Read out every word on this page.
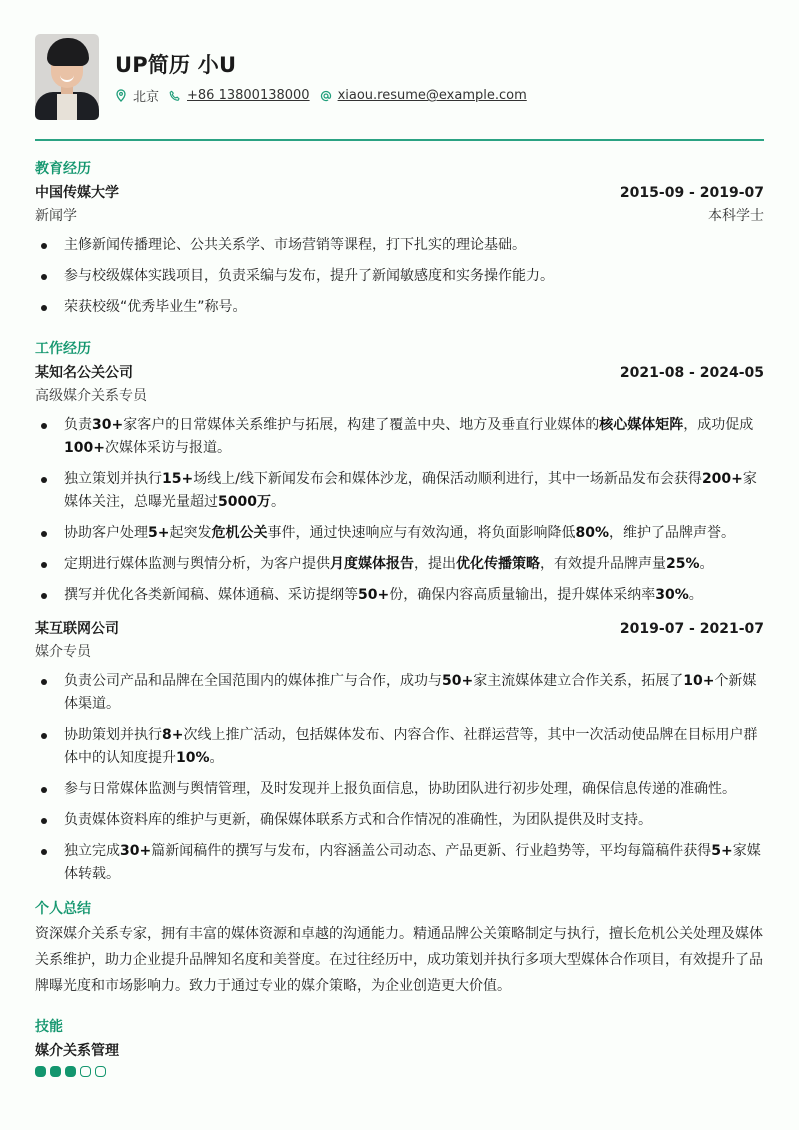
UP简历 小U
北京 +86 13800138000 xiaou.resume@example.com
教育经历
中国传媒大学	2015-09 - 2019-07
新闻学	本科学士
主修新闻传播理论、公共关系学、市场营销等课程，打下扎实的理论基础。
参与校级媒体实践项目，负责采编与发布，提升了新闻敏感度和实务操作能力。
荣获校级“优秀毕业生”称号。
工作经历
某知名公关公司	2021-08 - 2024-05
高级媒介关系专员
负责30+家客户的日常媒体关系维护与拓展，构建了覆盖中央、地方及垂直行业媒体的核心媒体矩阵，成功促成100+次媒体采访与报道。
独立策划并执行15+场线上/线下新闻发布会和媒体沙龙，确保活动顺利进行，其中一场新品发布会获得200+家媒体关注，总曝光量超过5000万。
协助客户处理5+起突发危机公关事件，通过快速响应与有效沟通，将负面影响降低80%，维护了品牌声誉。
定期进行媒体监测与舆情分析，为客户提供月度媒体报告，提出优化传播策略，有效提升品牌声量25%。
撰写并优化各类新闻稿、媒体通稿、采访提纲等50+份，确保内容高质量输出，提升媒体采纳率30%。
某互联网公司	2019-07 - 2021-07
媒介专员
负责公司产品和品牌在全国范围内的媒体推广与合作，成功与50+家主流媒体建立合作关系，拓展了10+个新媒体渠道。
协助策划并执行8+次线上推广活动，包括媒体发布、内容合作、社群运营等，其中一次活动使品牌在目标用户群体中的认知度提升10%。
参与日常媒体监测与舆情管理，及时发现并上报负面信息，协助团队进行初步处理，确保信息传递的准确性。
负责媒体资料库的维护与更新，确保媒体联系方式和合作情况的准确性，为团队提供及时支持。
独立完成30+篇新闻稿件的撰写与发布，内容涵盖公司动态、产品更新、行业趋势等，平均每篇稿件获得5+家媒体转载。
个人总结

资深媒介关系专家，拥有丰富的媒体资源和卓越的沟通能力。精通品牌公关策略制定与执行，擅长危机公关处理及媒体关系维护，助力企业提升品牌知名度和美誉度。在过往经历中，成功策划并执行多项大型媒体合作项目，有效提升了品牌曝光度和市场影响力。致力于通过专业的媒介策略，为企业创造更大价值。

技能
媒介关系管理
